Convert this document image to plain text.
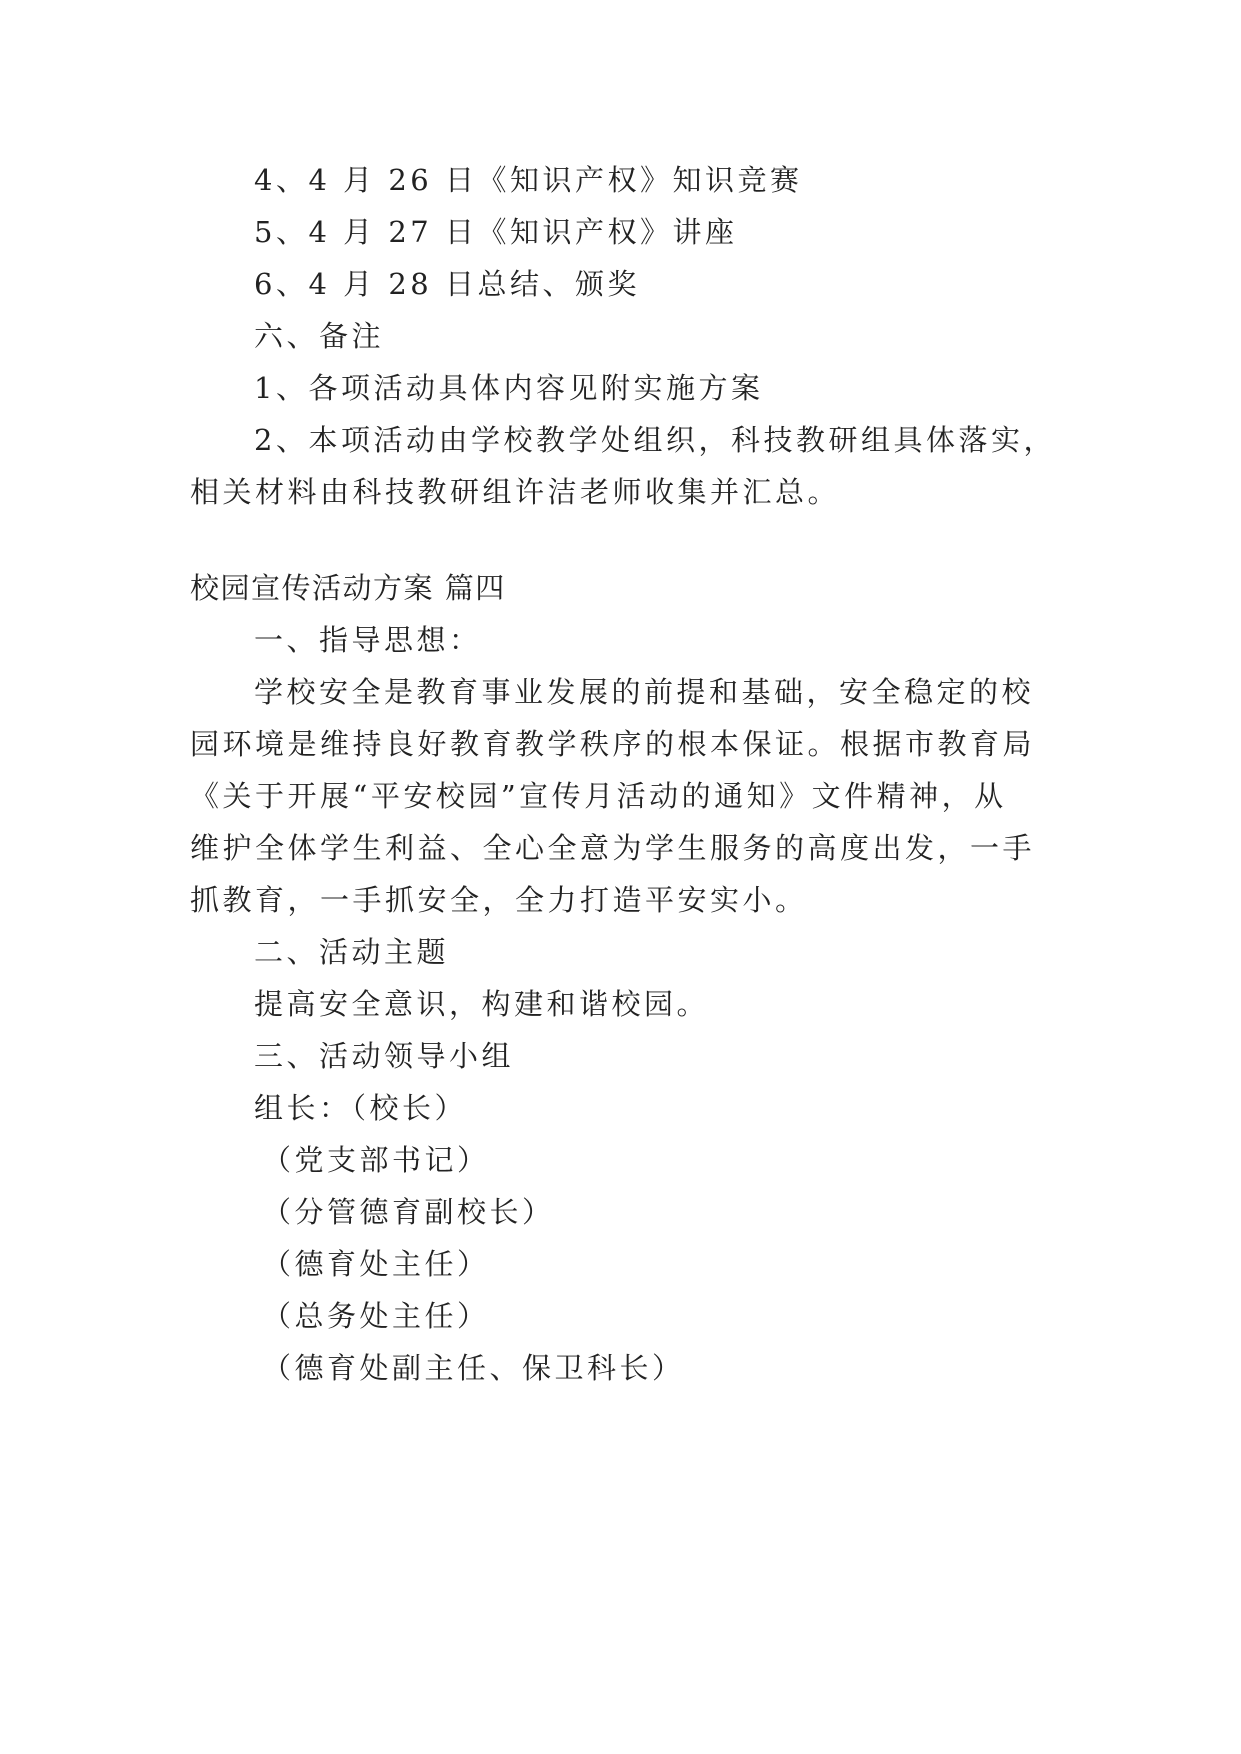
4、4 月 26 日《知识产权》知识竞赛

5、4 月 27 日《知识产权》讲座

6、4 月 28 日总结、颁奖

六、备注

1、各项活动具体内容见附实施方案

2、本项活动由学校教学处组织，科技教研组具体落实，

相关材料由科技教研组许洁老师收集并汇总。

校园宣传活动方案 篇四

一、指导思想：

学校安全是教育事业发展的前提和基础，安全稳定的校

园环境是维持良好教育教学秩序的根本保证。根据市教育局

《关于开展“平安校园”宣传月活动的通知》文件精神，从

维护全体学生利益、全心全意为学生服务的高度出发，一手

抓教育，一手抓安全，全力打造平安实小。

二、活动主题

提高安全意识，构建和谐校园。

三、活动领导小组

组长：（校长）

（党支部书记）

（分管德育副校长）

（德育处主任）

（总务处主任）

（德育处副主任、保卫科长）
